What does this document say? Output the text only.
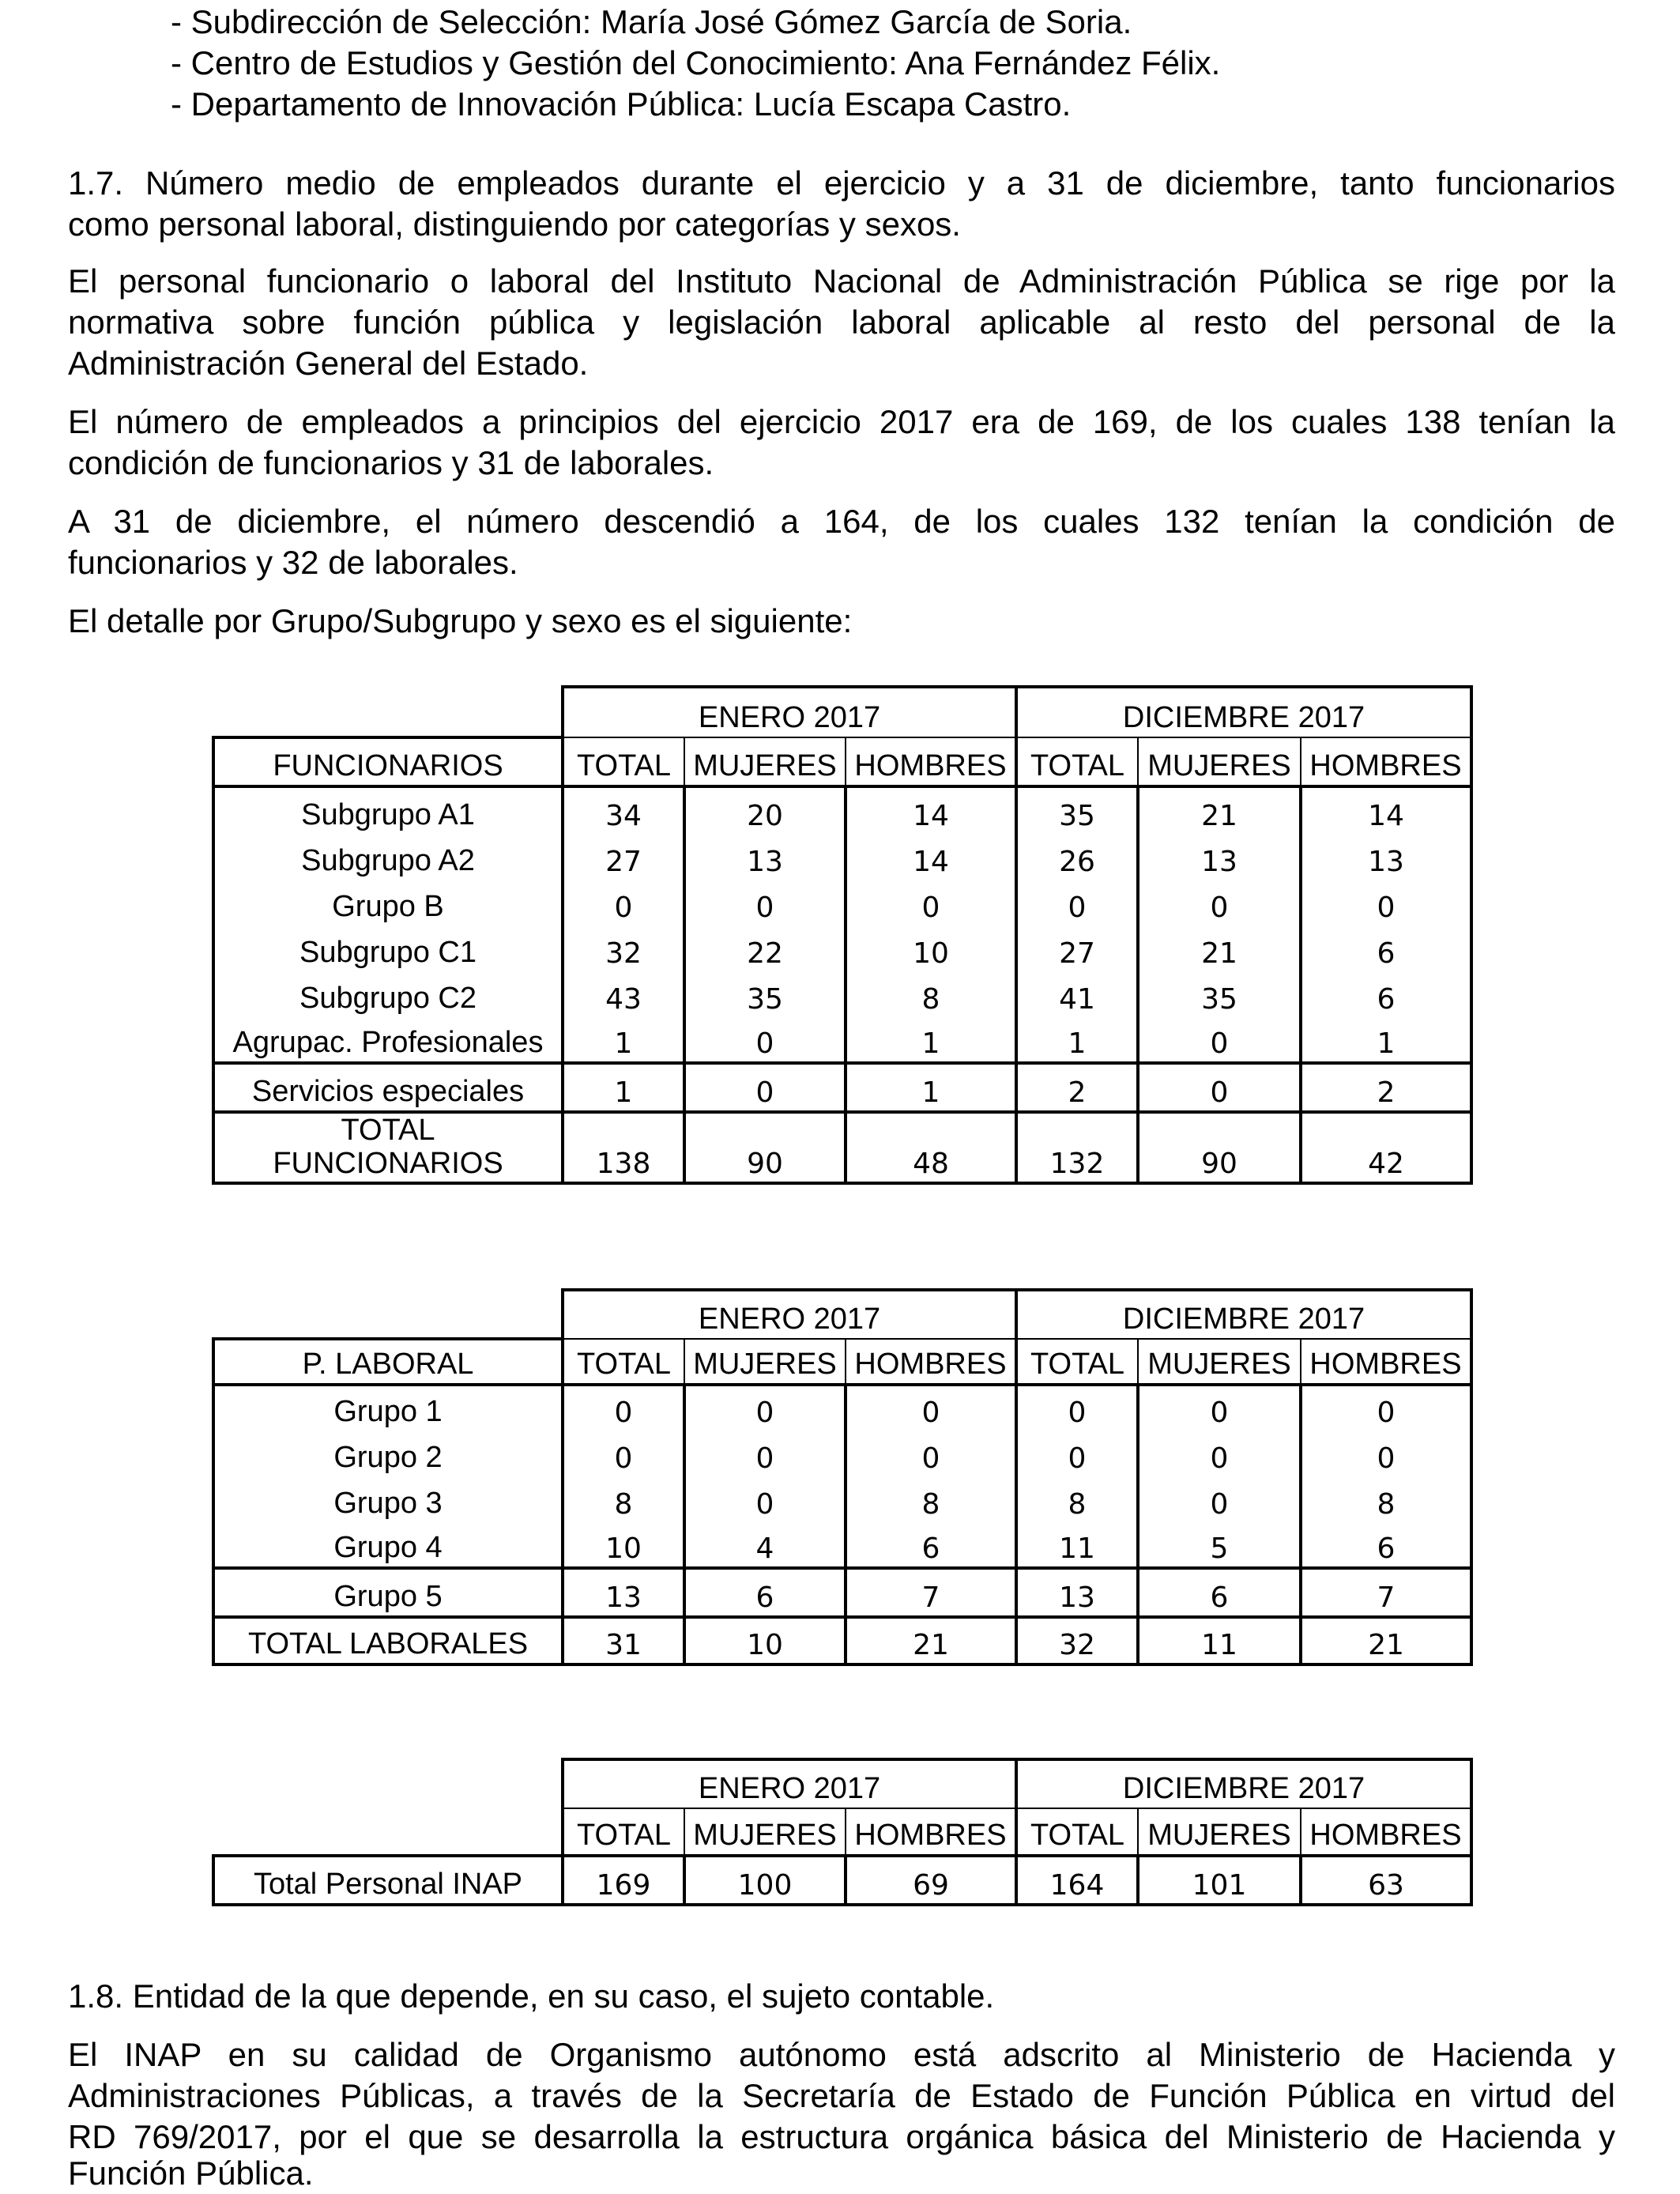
- Subdirección de Selección: María José Gómez García de Soria.
- Centro de Estudios y Gestión del Conocimiento: Ana Fernández Félix.
- Departamento de Innovación Pública: Lucía Escapa Castro.
1.7. Número medio de empleados durante el ejercicio y a 31 de diciembre, tanto funcionarios
como personal laboral, distinguiendo por categorías y sexos.
El personal funcionario o laboral del Instituto Nacional de Administración Pública se rige por la
normativa sobre función pública y legislación laboral aplicable al resto del personal de la
Administración General del Estado.
El número de empleados a principios del ejercicio 2017 era de 169, de los cuales 138 tenían la
condición de funcionarios y 31 de laborales.
A 31 de diciembre, el número descendió a 164, de los cuales 132 tenían la condición de
funcionarios y 32 de laborales.
El detalle por Grupo/Subgrupo y sexo es el siguiente:
	ENERO 2017			DICIEMBRE 2017		
FUNCIONARIOS	TOTAL	MUJERES	HOMBRES	TOTAL	MUJERES	HOMBRES
Subgrupo A1	34	20	14	35	21	14
Subgrupo A2	27	13	14	26	13	13
Grupo B	0	0	0	0	0	0
Subgrupo C1	32	22	10	27	21	6
Subgrupo C2	43	35	8	41	35	6
Agrupac. Profesionales	1	0	1	1	0	1
Servicios especiales	1	0	1	2	0	2
TOTAL
FUNCIONARIOS	138	90	48	132	90	42
	ENERO 2017			DICIEMBRE 2017		
P. LABORAL	TOTAL	MUJERES	HOMBRES	TOTAL	MUJERES	HOMBRES
Grupo 1	0	0	0	0	0	0
Grupo 2	0	0	0	0	0	0
Grupo 3	8	0	8	8	0	8
Grupo 4	10	4	6	11	5	6
Grupo 5	13	6	7	13	6	7
TOTAL LABORALES	31	10	21	32	11	21
	ENERO 2017			DICIEMBRE 2017		
	TOTAL	MUJERES	HOMBRES	TOTAL	MUJERES	HOMBRES
Total Personal INAP	169	100	69	164	101	63
1.8. Entidad de la que depende, en su caso, el sujeto contable.
El INAP en su calidad de Organismo autónomo está adscrito al Ministerio de Hacienda y
Administraciones Públicas, a través de la Secretaría de Estado de Función Pública en virtud del
RD 769/2017, por el que se desarrolla la estructura orgánica básica del Ministerio de Hacienda y
Función Pública.
